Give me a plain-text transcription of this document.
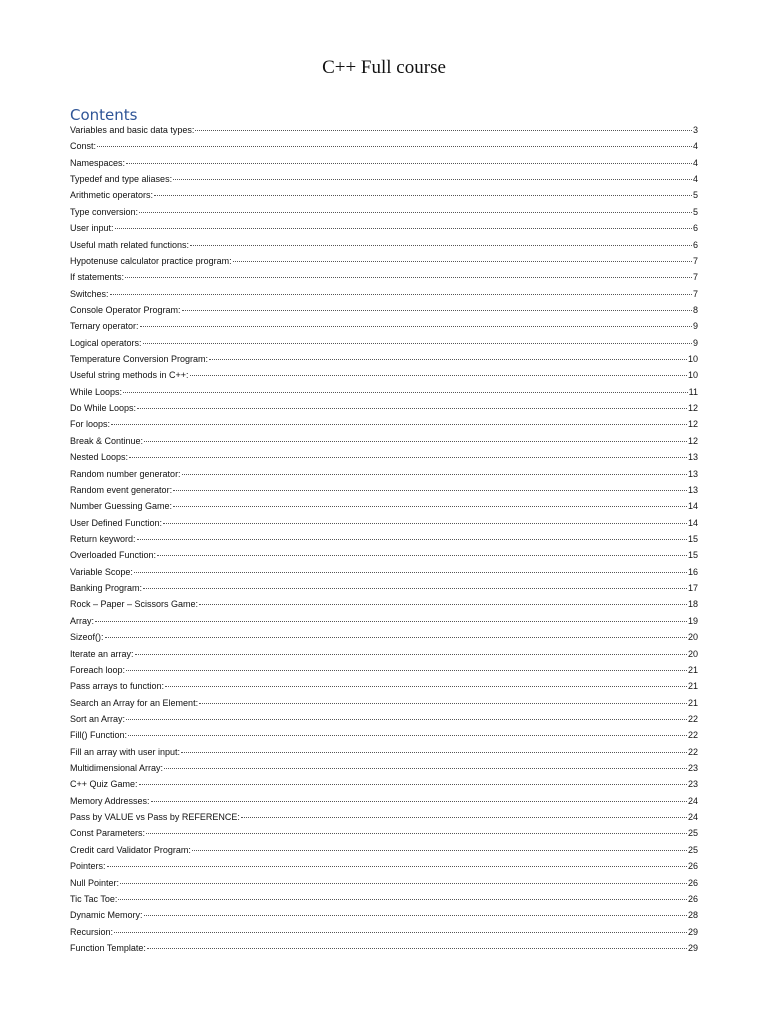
C++ Full course
Contents
Variables and basic data types:	3
Const:	4
Namespaces:	4
Typedef and type aliases:	4
Arithmetic operators:	5
Type conversion:	5
User input:	6
Useful math related functions:	6
Hypotenuse calculator practice program:	7
If statements:	7
Switches:	7
Console Operator Program:	8
Ternary operator:	9
Logical operators:	9
Temperature Conversion Program:	10
Useful string methods in C++:	10
While Loops:	11
Do While Loops:	12
For loops:	12
Break & Continue:	12
Nested Loops:	13
Random number generator:	13
Random event generator:	13
Number Guessing Game:	14
User Defined Function:	14
Return keyword:	15
Overloaded Function:	15
Variable Scope:	16
Banking Program:	17
Rock – Paper – Scissors Game:	18
Array:	19
Sizeof():	20
Iterate an array:	20
Foreach loop:	21
Pass arrays to function:	21
Search an Array for an Element:	21
Sort an Array:	22
Fill() Function:	22
Fill an array with user input:	22
Multidimensional Array:	23
C++ Quiz Game:	23
Memory Addresses:	24
Pass by VALUE vs Pass by REFERENCE:	24
Const Parameters:	25
Credit card Validator Program:	25
Pointers:	26
Null Pointer:	26
Tic Tac Toe:	26
Dynamic Memory:	28
Recursion:	29
Function Template:	29
